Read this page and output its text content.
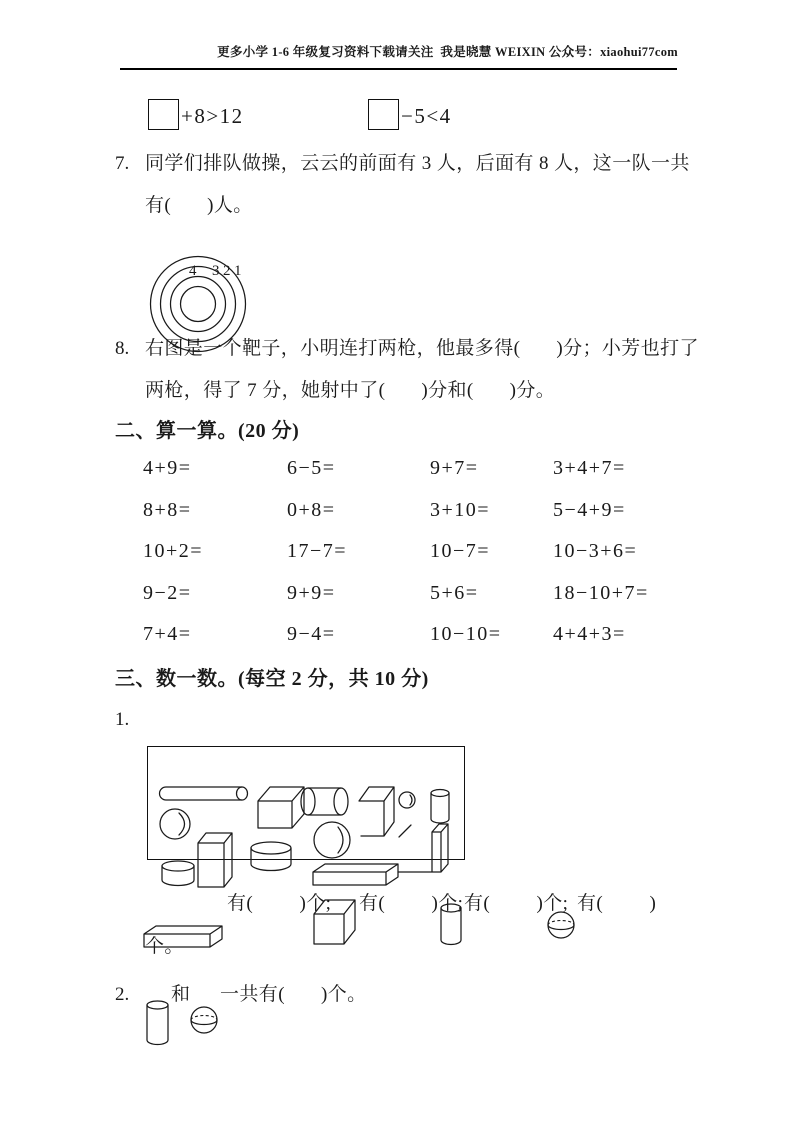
更多小学 1-6 年级复习资料下载请关注  我是晓慧 WEIXIN 公众号：xiaohui77com
+8>12	−5<4
7. 同学们排队做操，云云的前面有 3 人，后面有 8 人，这一队一共
有(       )人。

4

3

2

1

8. 右图是一个靶子，小明连打两枪，他最多得(       )分；小芳也打了
两枪，得了 7 分，她射中了(       )分和(       )分。
二、算一算。(20 分)
4+9=	6−5=	9+7=	3+4+7=
8+8=	0+8=	3+10=	5−4+9=
10+2=	17−7=	10−7=	10−3+6=
9−2=	9+9=	5+6=	18−10+7=
7+4=	9−4=	10−10=	4+4+3=
三、数一数。(每空 2 分，共 10 分)
1.

有(         )个;

有(         )个;

有(         )个;

有(         )
个。
2.

和

一共有(       )个。
